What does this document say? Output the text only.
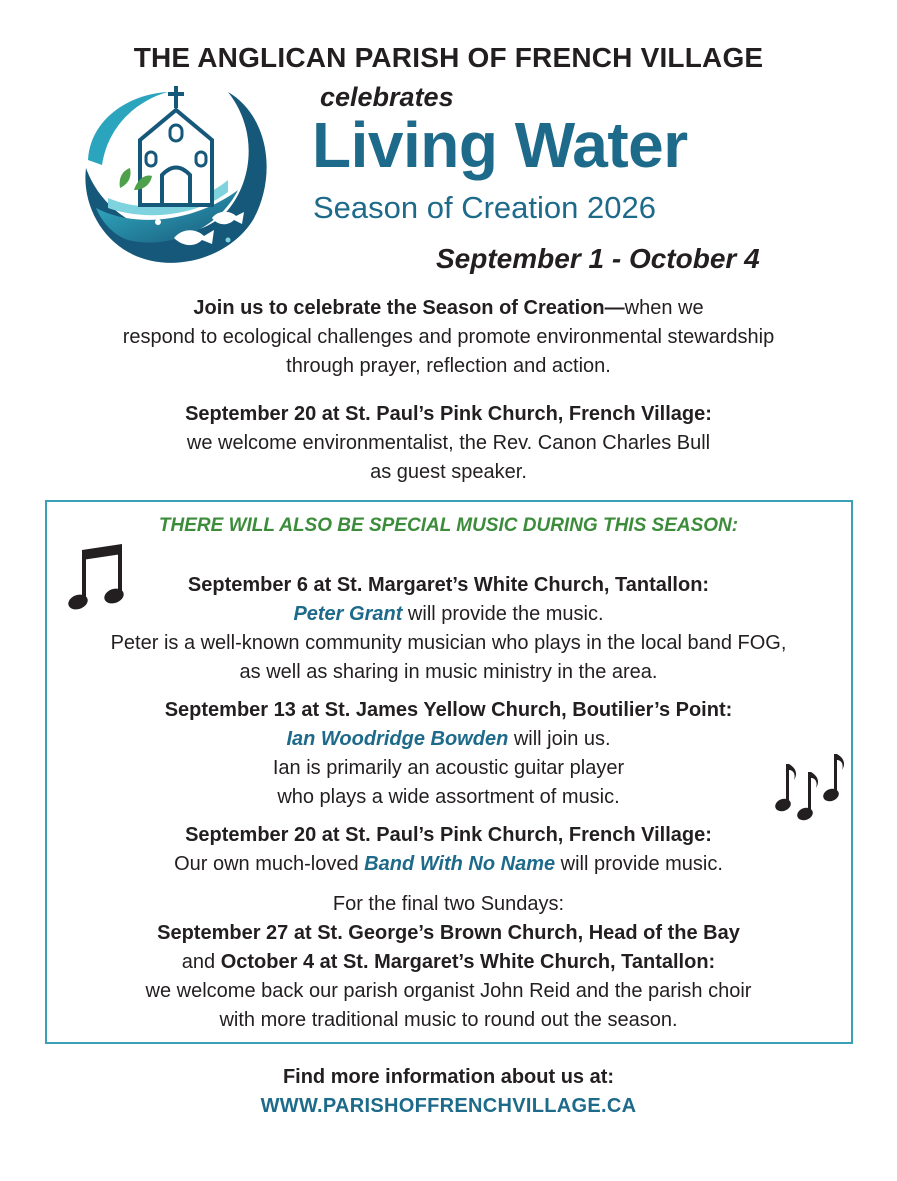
THE ANGLICAN PARISH OF FRENCH VILLAGE
celebrates
Living Water
Season of Creation 2026
September 1 - October 4
Join us to celebrate the Season of Creation—when we
respond to ecological challenges and promote environmental stewardship
through prayer, reflection and action.
September 20 at St. Paul’s Pink Church, French Village:
we welcome environmentalist, the Rev. Canon Charles Bull
as guest speaker.
THERE WILL ALSO BE SPECIAL MUSIC DURING THIS SEASON:
September 6 at St. Margaret’s White Church, Tantallon:
Peter Grant will provide the music.
Peter is a well-known community musician who plays in the local band FOG,
as well as sharing in music ministry in the area.
September 13 at St. James Yellow Church, Boutilier’s Point:
Ian Woodridge Bowden will join us.
Ian is primarily an acoustic guitar player
who plays a wide assortment of music.
September 20 at St. Paul’s Pink Church, French Village:
Our own much-loved Band With No Name will provide music.
For the final two Sundays:
September 27 at St. George’s Brown Church, Head of the Bay
and October 4 at St. Margaret’s White Church, Tantallon:
we welcome back our parish organist John Reid and the parish choir
with more traditional music to round out the season.
Find more information about us at:
WWW.PARISHOFFRENCHVILLAGE.CA
